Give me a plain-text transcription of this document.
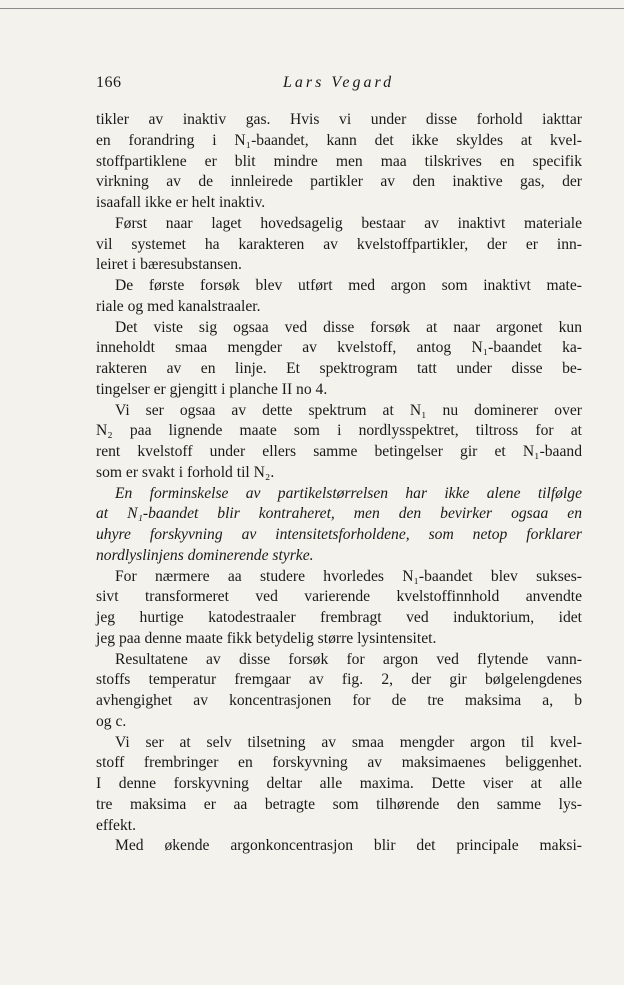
166	Lars Vegard
tikler av inaktiv gas. Hvis vi under disse forhold iakttar
en forandring i N₁-baandet, kann det ikke skyldes at kvel-
stoffpartiklene er blit mindre men maa tilskrives en specifik
virkning av de innleirede partikler av den inaktive gas, der
isaafall ikke er helt inaktiv.
Først naar laget hovedsagelig bestaar av inaktivt materiale
vil systemet ha karakteren av kvelstoffpartikler, der er inn-
leiret i bæresubstansen.
De første forsøk blev utført med argon som inaktivt mate-
riale og med kanalstraaler.
Det viste sig ogsaa ved disse forsøk at naar argonet kun
inneholdt smaa mengder av kvelstoff, antog N₁-baandet ka-
rakteren av en linje. Et spektrogram tatt under disse be-
tingelser er gjengitt i planche II no 4.
Vi ser ogsaa av dette spektrum at N₁ nu dominerer over
N₂ paa lignende maate som i nordlysspektret, tiltross for at
rent kvelstoff under ellers samme betingelser gir et N₁-baand
som er svakt i forhold til N₂.
En forminskelse av partikelstørrelsen har ikke alene tilfølge
at N₁-baandet blir kontraheret, men den bevirker ogsaa en
uhyre forskyvning av intensitetsforholdene, som netop forklarer
nordlyslinjens dominerende styrke.
For nærmere aa studere hvorledes N₁-baandet blev sukses-
sivt transformeret ved varierende kvelstoffinnhold anvendte
jeg hurtige katodestraaler frembragt ved induktorium, idet
jeg paa denne maate fikk betydelig større lysintensitet.
Resultatene av disse forsøk for argon ved flytende vann-
stoffs temperatur fremgaar av fig. 2, der gir bølgelengdenes
avhengighet av koncentrasjonen for de tre maksima a, b
og c.
Vi ser at selv tilsetning av smaa mengder argon til kvel-
stoff frembringer en forskyvning av maksimaenes beliggenhet.
I denne forskyvning deltar alle maxima. Dette viser at alle
tre maksima er aa betragte som tilhørende den samme lys-
effekt.
Med økende argonkoncentrasjon blir det principale maksi-
